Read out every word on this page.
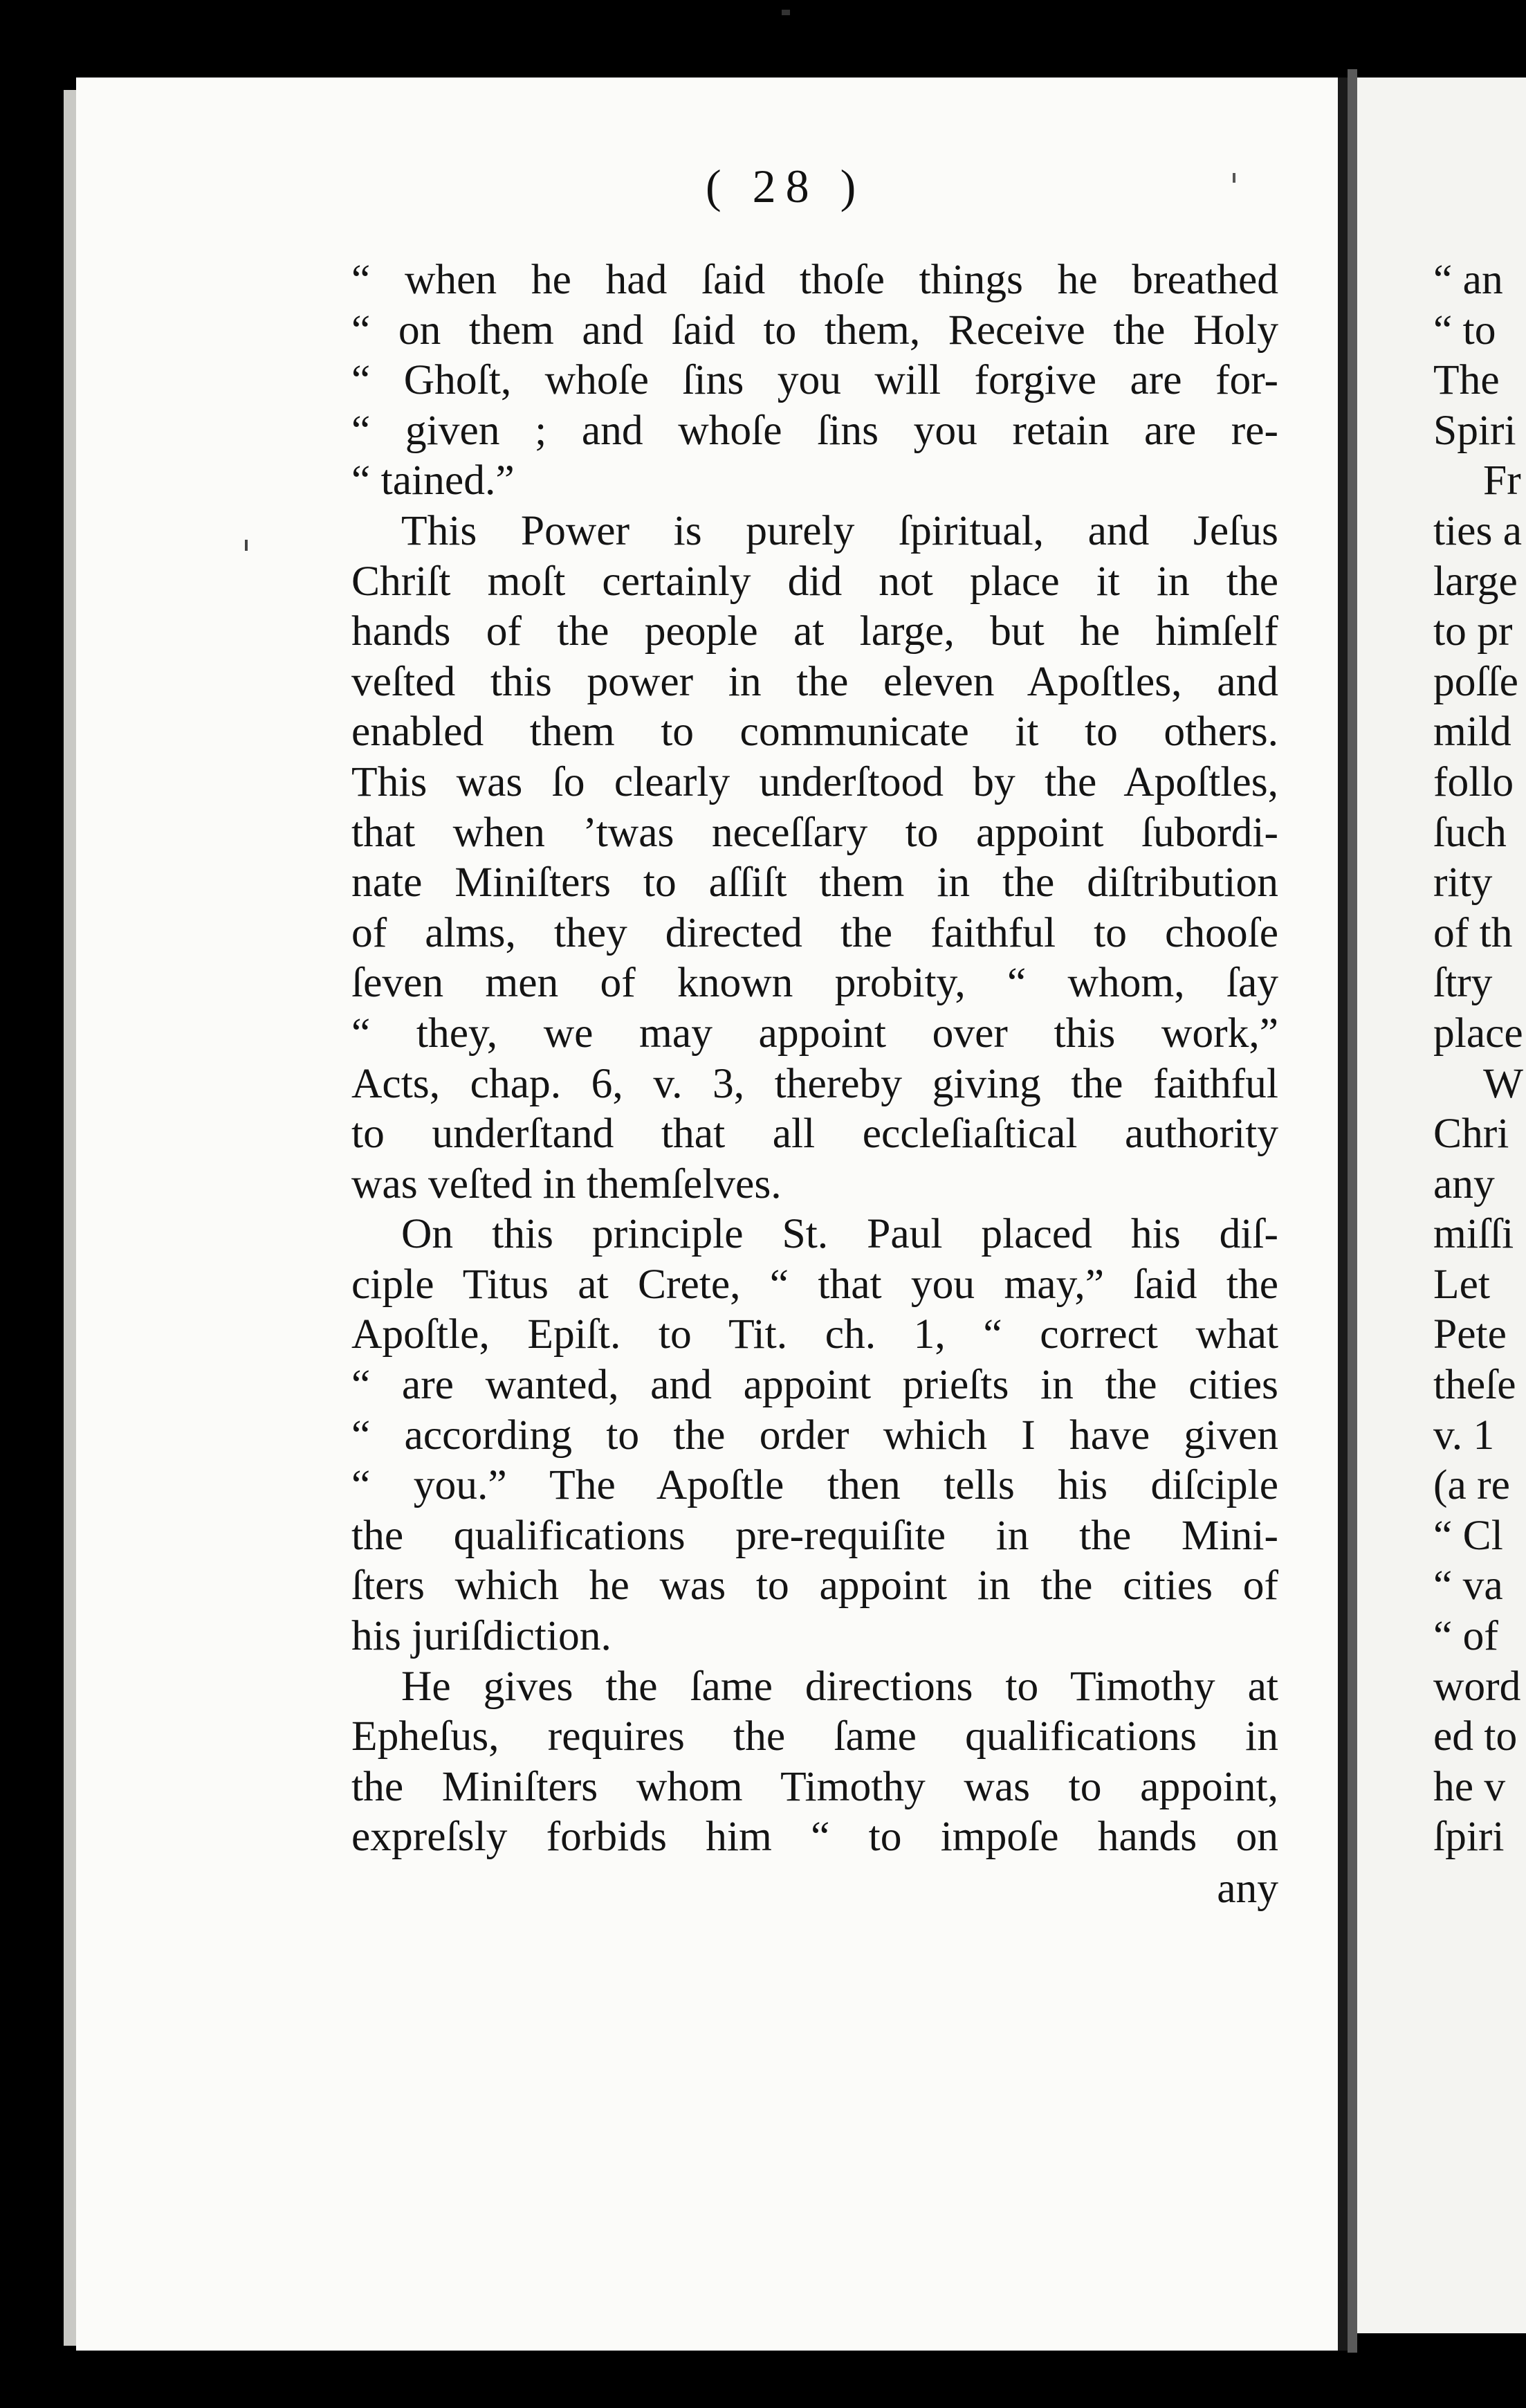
( 28 )
“ when he had ſaid thoſe things he breathed
“ on them and ſaid to them, Receive the Holy
“ Ghoſt, whoſe ſins you will forgive are for-
“ given ; and whoſe ſins you retain are re-
“ tained.”
This Power is purely ſpiritual, and Jeſus
Chriſt moſt certainly did not place it in the
hands of the people at large, but he himſelf
veſted this power in the eleven Apoſtles, and
enabled them to communicate it to others.
This was ſo clearly underſtood by the Apoſtles,
that when ’twas neceſſary to appoint ſubordi-
nate Miniſters to aſſiſt them in the diſtribution
of alms, they directed the faithful to chooſe
ſeven men of known probity, “ whom, ſay
“ they, we may appoint over this work,”
Acts, chap. 6, v. 3, thereby giving the faithful
to underſtand that all eccleſiaſtical authority
was veſted in themſelves.
On this principle St. Paul placed his diſ-
ciple Titus at Crete, “ that you may,” ſaid the
Apoſtle, Epiſt. to Tit. ch. 1, “ correct what
“ are wanted, and appoint prieſts in the cities
“ according to the order which I have given
“ you.” The Apoſtle then tells his diſciple
the qualifications pre-requiſite in the Mini-
ſters which he was to appoint in the cities of
his juriſdiction.
He gives the ſame directions to Timothy at
Epheſus, requires the ſame qualifications in
the Miniſters whom Timothy was to appoint,
expreſsly forbids him “ to impoſe hands on
any
“ an
“ to
The
Spiri
Fr
ties a
large
to pr
poſſe
mild
follo
ſuch
rity
of th
ſtry
place
W
Chri
any
miſſi
Let
Pete
theſe
v. 1
(a re
“ Cl
“ va
“ of
word
ed to
he v
ſpiri
